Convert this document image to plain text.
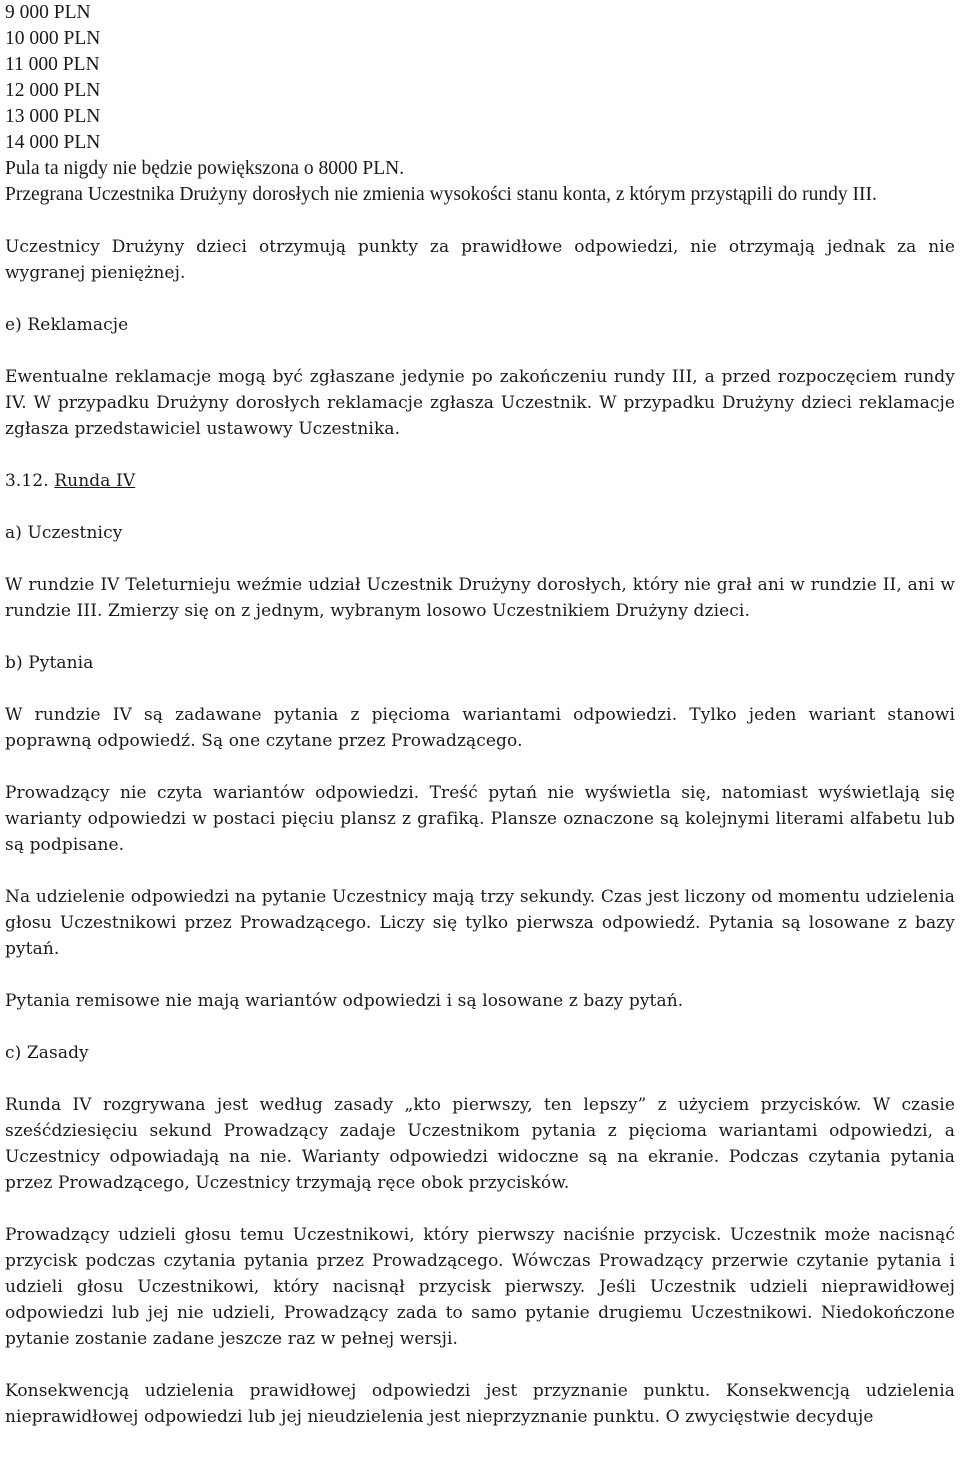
9 000 PLN

10 000 PLN

11 000 PLN

12 000 PLN

13 000 PLN

14 000 PLN

Pula ta nigdy nie będzie powiększona o 8000 PLN.

Przegrana Uczestnika Drużyny dorosłych nie zmienia wysokości stanu konta, z którym przystąpili do rundy III.

Uczestnicy Drużyny dzieci otrzymują punkty za prawidłowe odpowiedzi, nie otrzymają jednak za nie wygranej pieniężnej.

e) Reklamacje

Ewentualne reklamacje mogą być zgłaszane jedynie po zakończeniu rundy III, a przed rozpoczęciem rundy IV. W przypadku Drużyny dorosłych reklamacje zgłasza Uczestnik. W przypadku Drużyny dzieci reklamacje zgłasza przedstawiciel ustawowy Uczestnika.

3.12. Runda IV

a) Uczestnicy

W rundzie IV Teleturnieju weźmie udział Uczestnik Drużyny dorosłych, który nie grał ani w rundzie II, ani w rundzie III. Zmierzy się on z jednym, wybranym losowo Uczestnikiem Drużyny dzieci.

b) Pytania

W rundzie IV są zadawane pytania z pięcioma wariantami odpowiedzi. Tylko jeden wariant stanowi poprawną odpowiedź. Są one czytane przez Prowadzącego.

Prowadzący nie czyta wariantów odpowiedzi. Treść pytań nie wyświetla się, natomiast wyświetlają się warianty odpowiedzi w postaci pięciu plansz z grafiką. Plansze oznaczone są kolejnymi literami alfabetu lub są podpisane.

Na udzielenie odpowiedzi na pytanie Uczestnicy mają trzy sekundy. Czas jest liczony od momentu udzielenia głosu Uczestnikowi przez Prowadzącego. Liczy się tylko pierwsza odpowiedź. Pytania są losowane z bazy pytań.

Pytania remisowe nie mają wariantów odpowiedzi i są losowane z bazy pytań.

c) Zasady

Runda IV rozgrywana jest według zasady „kto pierwszy, ten lepszy” z użyciem przycisków. W czasie sześćdziesięciu sekund Prowadzący zadaje Uczestnikom pytania z pięcioma wariantami odpowiedzi, a Uczestnicy odpowiadają na nie. Warianty odpowiedzi widoczne są na ekranie. Podczas czytania pytania przez Prowadzącego, Uczestnicy trzymają ręce obok przycisków.

Prowadzący udzieli głosu temu Uczestnikowi, który pierwszy naciśnie przycisk. Uczestnik może nacisnąć przycisk podczas czytania pytania przez Prowadzącego. Wówczas Prowadzący przerwie czytanie pytania i udzieli głosu Uczestnikowi, który nacisnął przycisk pierwszy. Jeśli Uczestnik udzieli nieprawidłowej odpowiedzi lub jej nie udzieli, Prowadzący zada to samo pytanie drugiemu Uczestnikowi. Niedokończone pytanie zostanie zadane jeszcze raz w pełnej wersji.

Konsekwencją udzielenia prawidłowej odpowiedzi jest przyznanie punktu. Konsekwencją udzielenia nieprawidłowej odpowiedzi lub jej nieudzielenia jest nieprzyznanie punktu. O zwycięstwie decyduje
